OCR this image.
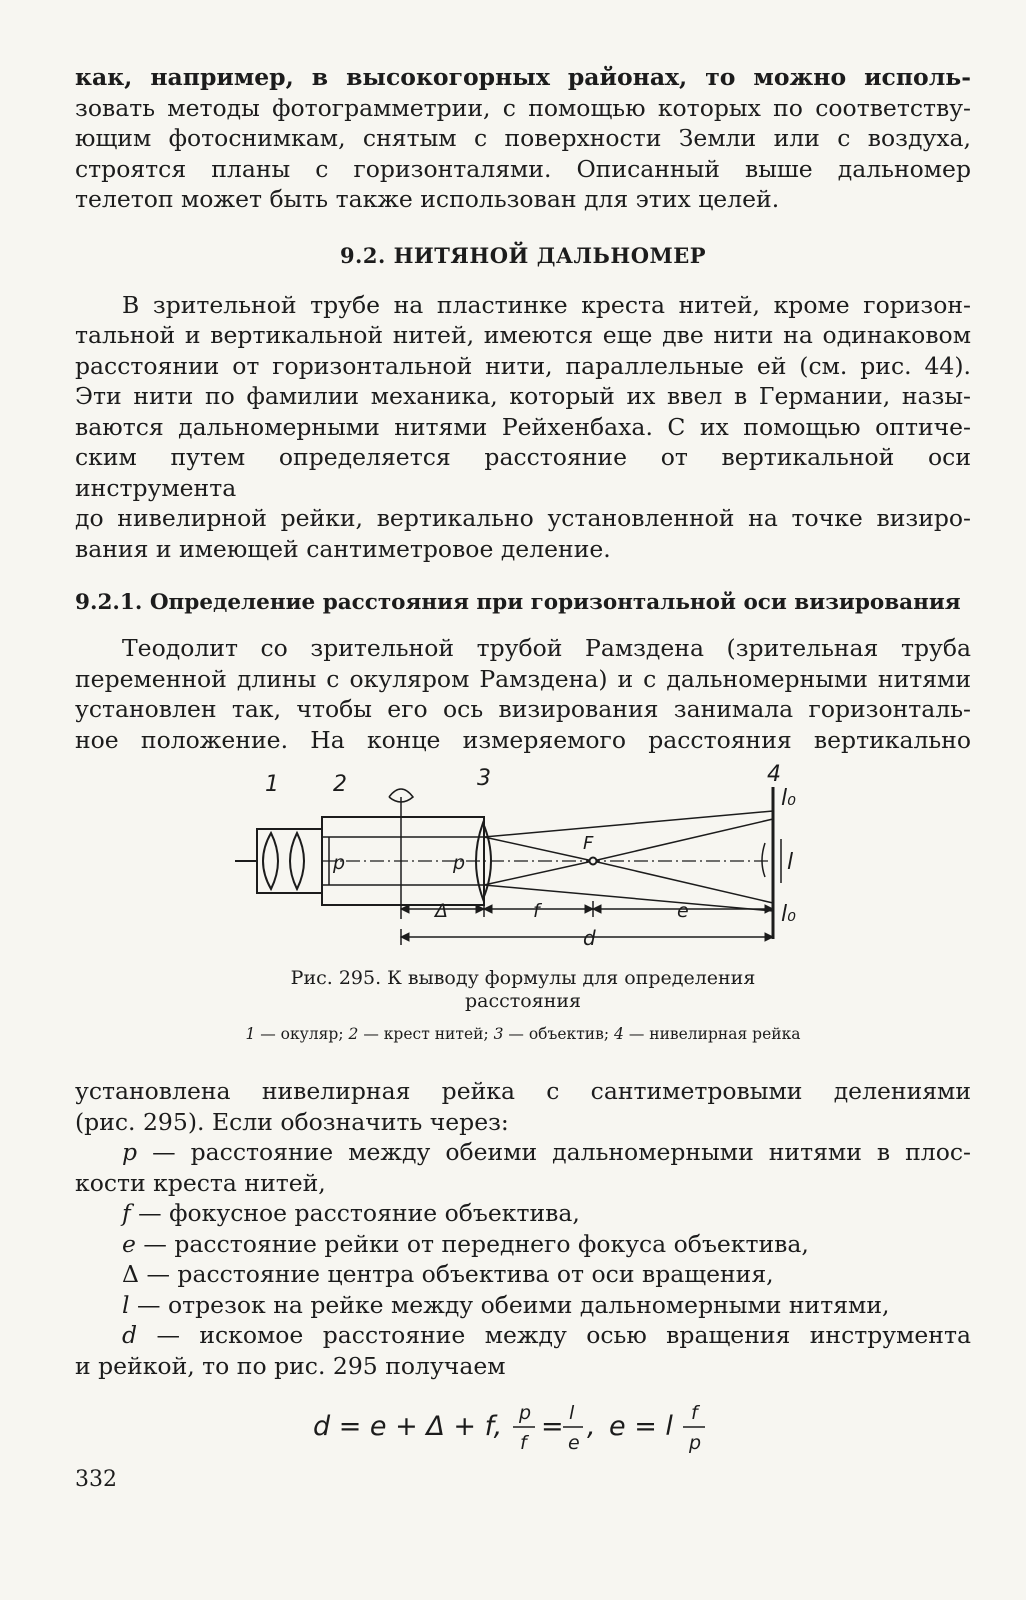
как, например, в высокогорных районах, то можно исполь-

зовать методы фотограмметрии, с помощью которых по соответству-

ющим фотоснимкам, снятым с поверхности Земли или с воздуха,

строятся планы с горизонталями. Описанный выше дальномер

телетоп может быть также использован для этих целей.

9.2. НИТЯНОЙ ДАЛЬНОМЕР

В зрительной трубе на пластинке креста нитей, кроме горизон-

тальной и вертикальной нитей, имеются еще две нити на одинаковом

расстоянии от горизонтальной нити, параллельные ей (см. рис. 44).

Эти нити по фамилии механика, который их ввел в Германии, назы-

ваются дальномерными нитями Рейхенбаха. С их помощью оптиче-

ским путем определяется расстояние от вертикальной оси инструмента

до нивелирной рейки, вертикально установленной на точке визиро-

вания и имеющей сантиметровое деление.

9.2.1. Определение расстояния при горизонтальной оси визирования

Теодолит со зрительной трубой Рамздена (зрительная труба

переменной длины с окуляром Рамздена) и с дальномерными нитями

установлен так, чтобы его ось визирования занимала горизонталь-

ное положение. На конце измеряемого расстояния вертикально

1 2	3	4
p	p
F
l₀
l
l₀
Δ	f	e
d
Рис. 295. К выводу формулы для определения
расстояния
1 — окуляр; 2 — крест нитей; 3 — объектив; 4 — нивелирная рейка

установлена нивелирная рейка с сантиметровыми делениями

(рис. 295). Если обозначить через:

p — расстояние между обеими дальномерными нитями в плос-

кости креста нитей,

f — фокусное расстояние объектива,

e — расстояние рейки от переднего фокуса объектива,

Δ — расстояние центра объектива от оси вращения,

l — отрезок на рейке между обеими дальномерными нитями,

d — искомое расстояние между осью вращения инструмента

и рейкой, то по рис. 295 получаем

d = e + Δ + f, p
f
= l
e
, e = l f
p
332
